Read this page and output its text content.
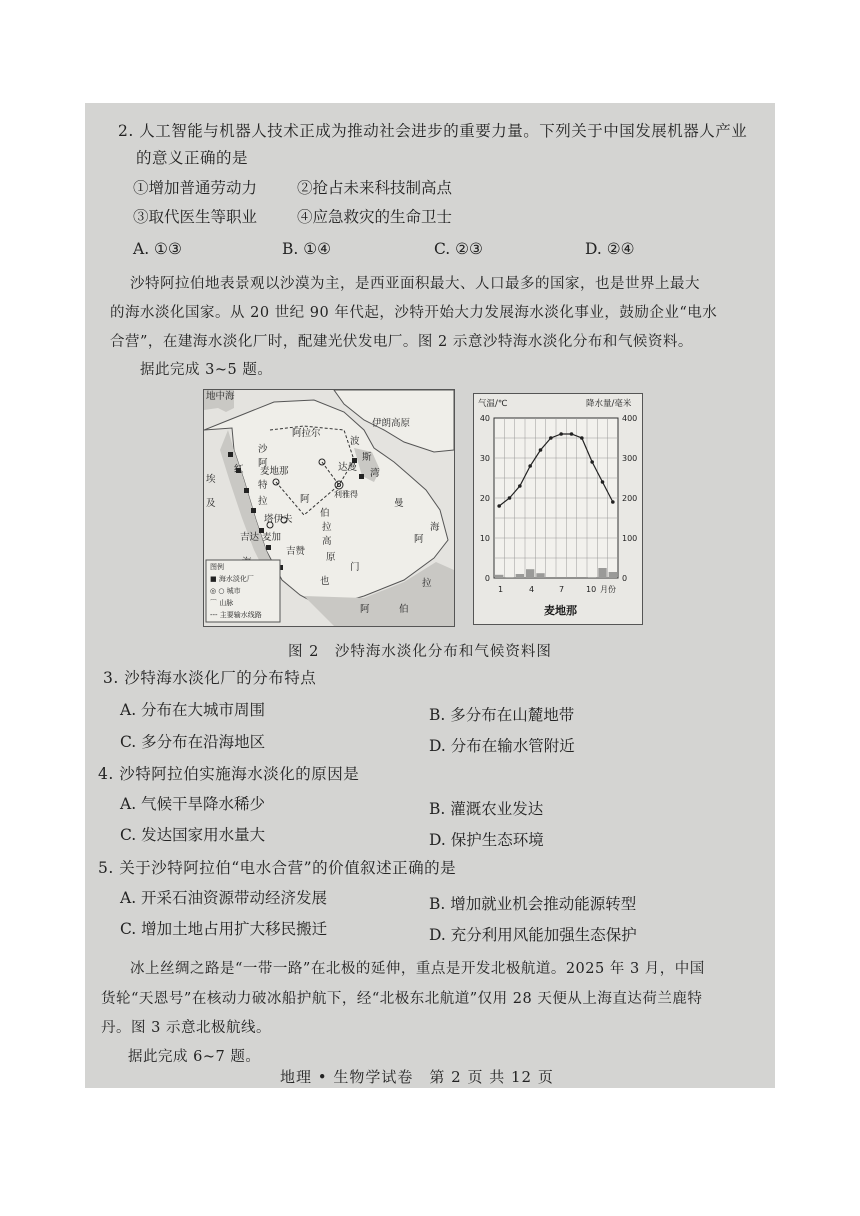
2. 人工智能与机器人技术正成为推动社会进步的重要力量。下列关于中国发展机器人产业
的意义正确的是
①增加普通劳动力	②抢占未来科技制高点
③取代医生等职业	④应急救灾的生命卫士
A. ①③	B. ①④	C. ②③	D. ②④
沙特阿拉伯地表景观以沙漠为主，是西亚面积最大、人口最多的国家，也是世界上最大
的海水淡化国家。从 20 世纪 90 年代起，沙特开始大力发展海水淡化事业，鼓励企业“电水
合营”，在建海水淡化厂时，配建光伏发电厂。图 2 示意沙特海水淡化分布和气候资料。
据此完成 3~5 题。
地中海
伊朗高原
阿拉尔
沙
阿
红 麦地那
特
拉	阿
伯
拉
塔伊夫
吉达 麦加
吉赞
高
原
也
门
阿
曼
海
阿
拉
伯
湾
波
斯
达曼
利雅得
埃
及
图例
■ 海水淡化厂
◎ ○ 城市
⌒ 山脉
--- 主要输水线路
气温/℃	降水量/毫米
40
30
20
10
0
400
300
200
100
0
1	4	7	10 月份
麦地那
图 2　沙特海水淡化分布和气候资料图
3. 沙特海水淡化厂的分布特点
A. 分布在大城市周围	B. 多分布在山麓地带
C. 多分布在沿海地区	D. 分布在输水管附近
4. 沙特阿拉伯实施海水淡化的原因是
A. 气候干旱降水稀少	B. 灌溉农业发达
C. 发达国家用水量大	D. 保护生态环境
5. 关于沙特阿拉伯“电水合营”的价值叙述正确的是
A. 开采石油资源带动经济发展	B. 增加就业机会推动能源转型
C. 增加土地占用扩大移民搬迁	D. 充分利用风能加强生态保护
冰上丝绸之路是“一带一路”在北极的延伸，重点是开发北极航道。2025 年 3 月，中国
货轮“天恩号”在核动力破冰船护航下，经“北极东北航道”仅用 28 天便从上海直达荷兰鹿特
丹。图 3 示意北极航线。
据此完成 6~7 题。
地理 • 生物学试卷　第 2 页 共 12 页
